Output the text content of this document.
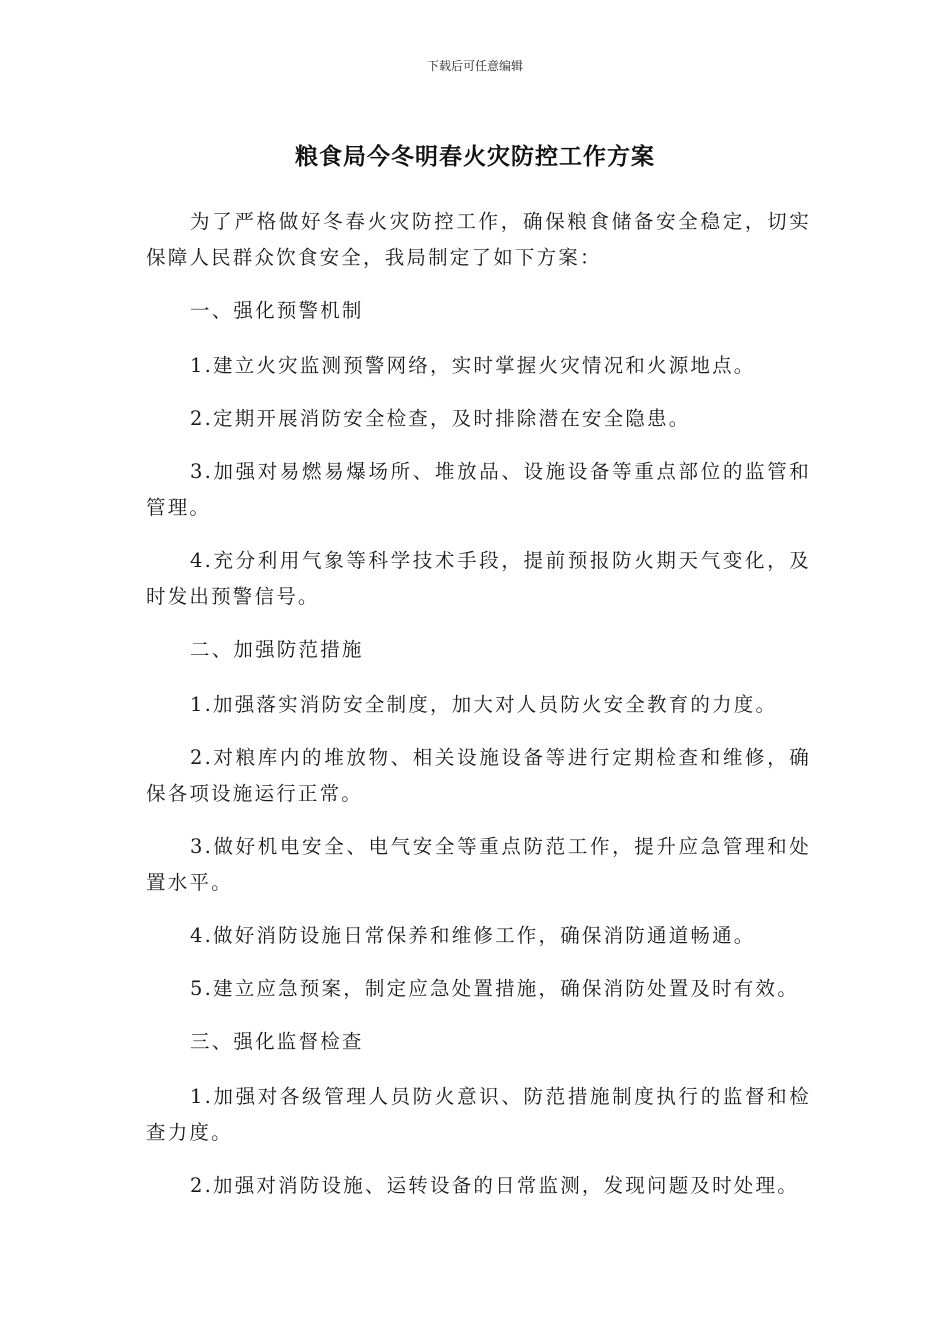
下载后可任意编辑
粮食局今冬明春火灾防控工作方案

为了严格做好冬春火灾防控工作，确保粮食储备安全稳定，切实保障人民群众饮食安全，我局制定了如下方案：

一、强化预警机制

1.建立火灾监测预警网络，实时掌握火灾情况和火源地点。

2.定期开展消防安全检查，及时排除潜在安全隐患。

3.加强对易燃易爆场所、堆放品、设施设备等重点部位的监管和管理。

4.充分利用气象等科学技术手段，提前预报防火期天气变化，及时发出预警信号。

二、加强防范措施

1.加强落实消防安全制度，加大对人员防火安全教育的力度。

2.对粮库内的堆放物、相关设施设备等进行定期检查和维修，确保各项设施运行正常。

3.做好机电安全、电气安全等重点防范工作，提升应急管理和处置水平。

4.做好消防设施日常保养和维修工作，确保消防通道畅通。

5.建立应急预案，制定应急处置措施，确保消防处置及时有效。

三、强化监督检查

1.加强对各级管理人员防火意识、防范措施制度执行的监督和检查力度。

2.加强对消防设施、运转设备的日常监测，发现问题及时处理。
